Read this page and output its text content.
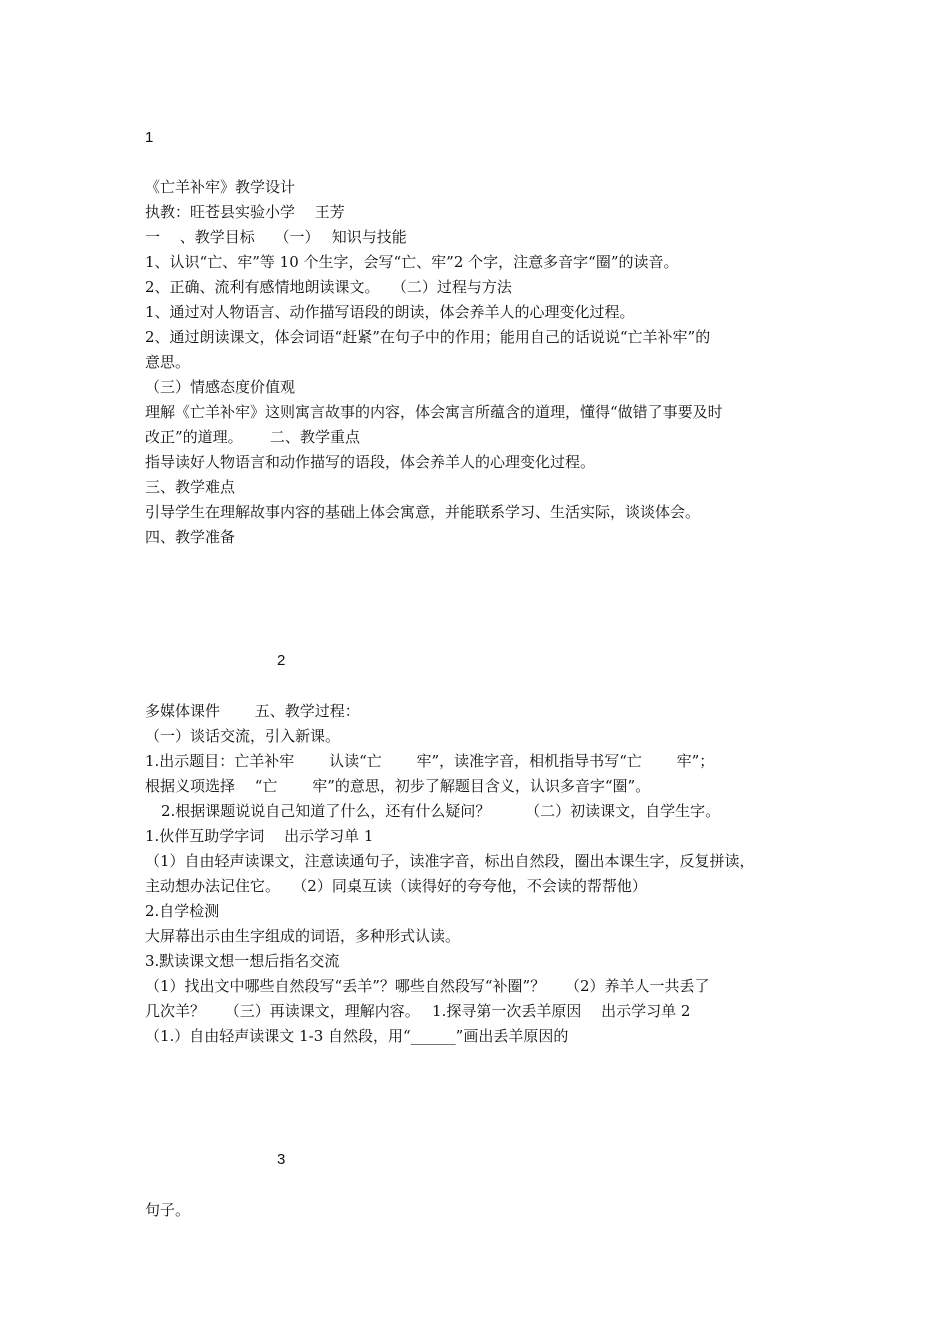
1
《亡羊补牢》教学设计
执教：旺苍县实验小学　 王芳
一　 、教学目标　 （一）　 知识与技能
1、认识“亡、牢”等 10 个生字，会写“亡、牢”2 个字，注意多音字“圈”的读音。
2、正确、流利有感情地朗读课文。　 （二）过程与方法
1、通过对人物语言、动作描写语段的朗读，体会养羊人的心理变化过程。
2、通过朗读课文，体会词语“赶紧”在句子中的作用；能用自己的话说说“亡羊补牢”的
意思。
（三）情感态度价值观
理解《亡羊补牢》这则寓言故事的内容，体会寓言所蕴含的道理，懂得“做错了事要及时
改正”的道理。　　 二、教学重点
指导读好人物语言和动作描写的语段，体会养羊人的心理变化过程。
三、教学难点
引导学生在理解故事内容的基础上体会寓意，并能联系学习、生活实际，谈谈体会。
四、教学准备
2
多媒体课件　　 五、教学过程：
（一）谈话交流，引入新课。
1.出示题目：亡羊补牢　　 认读“亡　　 牢”，读准字音，相机指导书写“亡　　 牢”；
根据义项选择　 “亡　　 牢”的意思，初步了解题目含义，认识多音字“圈”。
2.根据课题说说自己知道了什么，还有什么疑问？　　 （二）初读课文，自学生字。
1.伙伴互助学字词　 出示学习单 1
（1）自由轻声读课文，注意读通句子，读准字音，标出自然段，圈出本课生字，反复拼读，
主动想办法记住它。　 （2）同桌互读（读得好的夸夸他，不会读的帮帮他）
2.自学检测
大屏幕出示由生字组成的词语，多种形式认读。
3.默读课文想一想后指名交流
（1）找出文中哪些自然段写“丢羊”？哪些自然段写“补圈”？　 （2）养羊人一共丢了
几次羊？　 （三）再读课文，理解内容。　 1.探寻第一次丢羊原因　 出示学习单 2
（1.）自由轻声读课文 1-3 自然段，用“______”画出丢羊原因的
3
句子。
